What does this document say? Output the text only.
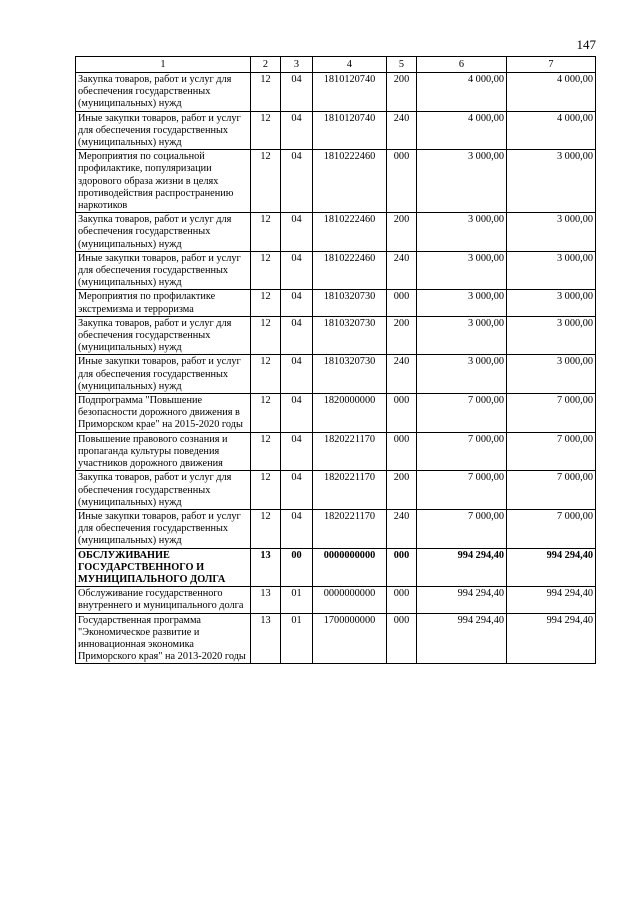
147
1	2	3	4	5	6	7
Закупка товаров, работ и услуг для обеспечения государственных (муниципальных) нужд	12	04	1810120740	200	4 000,00	4 000,00
Иные закупки товаров, работ и услуг для обеспечения государственных (муниципальных) нужд	12	04	1810120740	240	4 000,00	4 000,00
Мероприятия по социальной профилактике, популяризации здорового образа жизни в целях противодействия распространению наркотиков	12	04	1810222460	000	3 000,00	3 000,00
Закупка товаров, работ и услуг для обеспечения государственных (муниципальных) нужд	12	04	1810222460	200	3 000,00	3 000,00
Иные закупки товаров, работ и услуг для обеспечения государственных (муниципальных) нужд	12	04	1810222460	240	3 000,00	3 000,00
Мероприятия по профилактике экстремизма и терроризма	12	04	1810320730	000	3 000,00	3 000,00
Закупка товаров, работ и услуг для обеспечения государственных (муниципальных) нужд	12	04	1810320730	200	3 000,00	3 000,00
Иные закупки товаров, работ и услуг для обеспечения государственных (муниципальных) нужд	12	04	1810320730	240	3 000,00	3 000,00
Подпрограмма "Повышение безопасности дорожного движения в Приморском крае" на 2015-2020 годы	12	04	1820000000	000	7 000,00	7 000,00
Повышение правового сознания и пропаганда культуры поведения участников дорожного движения	12	04	1820221170	000	7 000,00	7 000,00
Закупка товаров, работ и услуг для обеспечения государственных (муниципальных) нужд	12	04	1820221170	200	7 000,00	7 000,00
Иные закупки товаров, работ и услуг для обеспечения государственных (муниципальных) нужд	12	04	1820221170	240	7 000,00	7 000,00
ОБСЛУЖИВАНИЕ ГОСУДАРСТВЕННОГО И МУНИЦИПАЛЬНОГО ДОЛГА	13	00	0000000000	000	994 294,40	994 294,40
Обслуживание государственного внутреннего и муниципального долга	13	01	0000000000	000	994 294,40	994 294,40
Государственная программа "Экономическое развитие и инновационная экономика Приморского края" на 2013-2020 годы	13	01	1700000000	000	994 294,40	994 294,40
